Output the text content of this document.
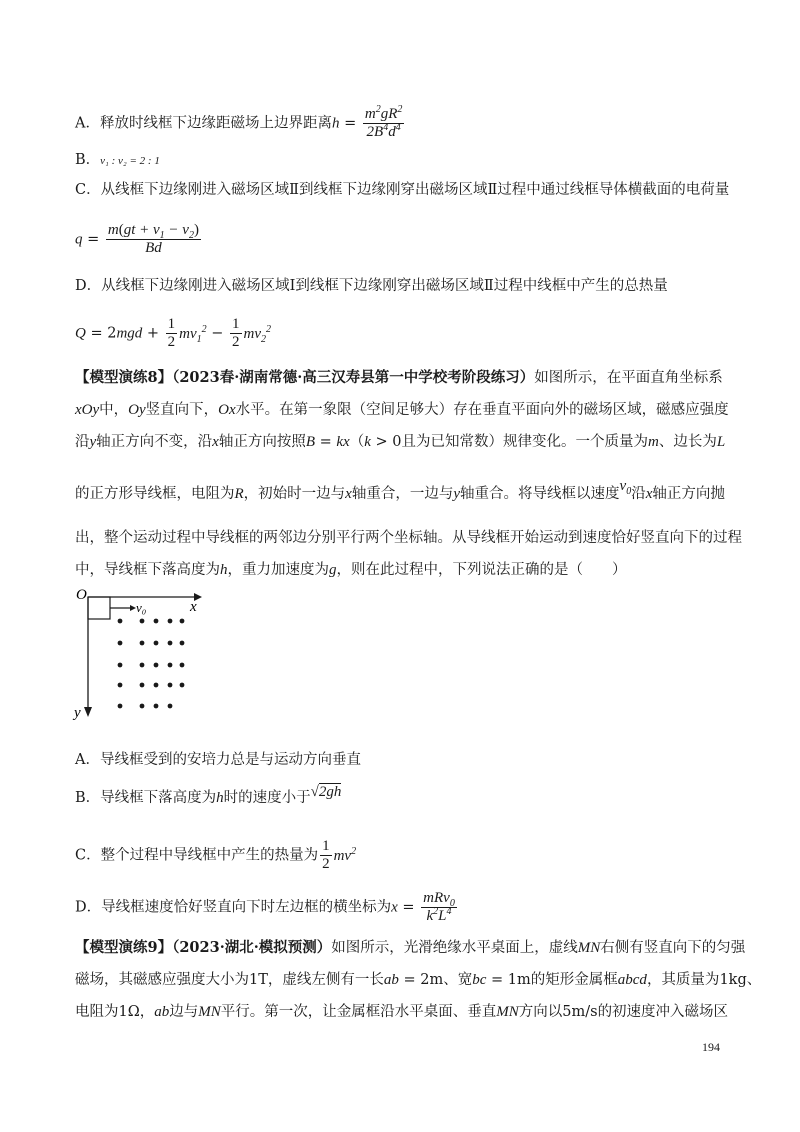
A．释放时线框下边缘距磁场上边界距离$h = \frac{m^2gR^2}{2B^4d^4}$
B．v₁ : v₂ = 2 : 1
C．从线框下边缘刚进入磁场区域Ⅱ到线框下边缘刚穿出磁场区域Ⅱ过程中通过线框导体横截面的电荷量
$q = \frac{m(gt + v_1 - v_2)}{Bd}$
D．从线框下边缘刚进入磁场区域Ⅰ到线框下边缘刚穿出磁场区域Ⅱ过程中线框中产生的总热量
$Q = 2mgd + \frac{1}{2} mv_1^2 - \frac{1}{2} mv_2^2$
【模型演练8】（2023春·湖南常德·高三汉寿县第一中学校考阶段练习）如图所示，在平面直角坐标系
xOy中，Oy竖直向下，Ox水平。在第一象限（空间足够大）存在垂直平面向外的磁场区域，磁感应强度
沿y轴正方向不变，沿x轴正方向按照B = kx（k > 0且为已知常数）规律变化。一个质量为m、边长为L
的正方形导线框，电阻为R，初始时一边与x轴重合，一边与y轴重合。将导线框以速度$v_0$沿x轴正方向抛
出，整个运动过程中导线框的两邻边分别平行两个坐标轴。从导线框开始运动到速度恰好竖直向下的过程
中，导线框下落高度为h，重力加速度为g，则在此过程中，下列说法正确的是（　　）
O
x
y
v₀
A．导线框受到的安培力总是与运动方向垂直
B．导线框下落高度为h时的速度小于√2gh
C．整个过程中导线框中产生的热量为 $\frac{1}{2} mv^2$
D．导线框速度恰好竖直向下时左边框的横坐标为$x = \frac{mRv_0}{k^2L^4}$
【模型演练9】（2023·湖北·模拟预测）如图所示，光滑绝缘水平桌面上，虚线MN右侧有竖直向下的匀强
磁场，其磁感应强度大小为1T，虚线左侧有一长ab = 2m、宽bc = 1m的矩形金属框abcd，其质量为1kg、
电阻为1Ω，ab边与MN平行。第一次，让金属框沿水平桌面、垂直MN方向以5m/s的初速度冲入磁场区
194
